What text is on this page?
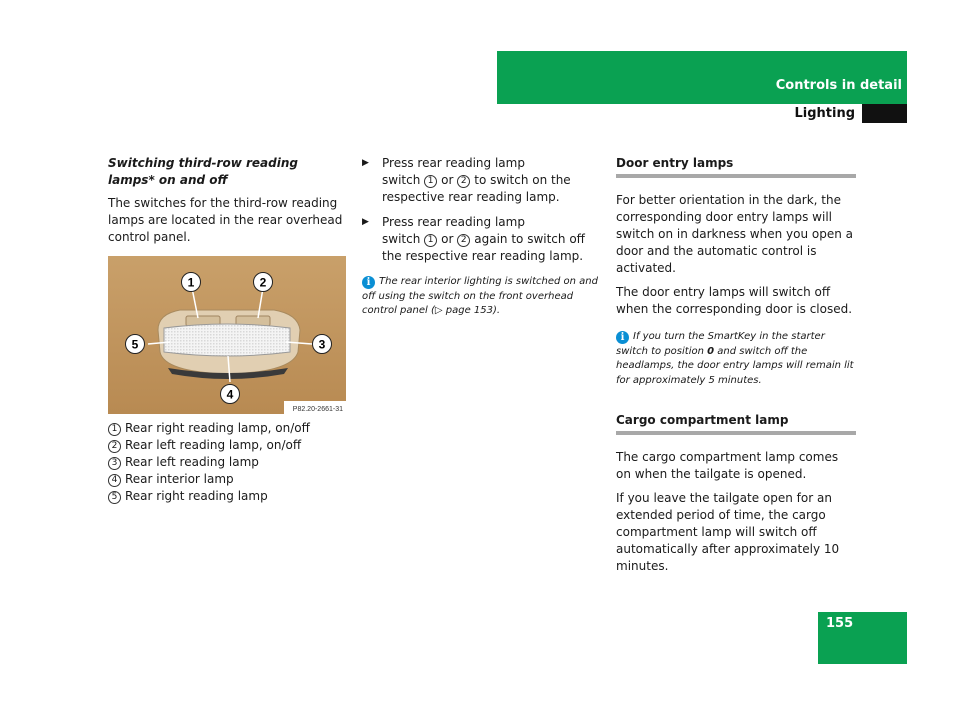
Controls in detail
Lighting

Switching third-row reading lamps* on and off

The switches for the third-row reading lamps are located in the rear overhead control panel.

1	2
3
4
5
P82.20-2661-31
1 Rear right reading lamp, on/off
2 Rear left reading lamp, on/off
3 Rear left reading lamp
4 Rear interior lamp
5 Rear right reading lamp
▶ Press rear reading lamp
switch 1 or 2 to switch on the respective rear reading lamp.
▶ Press rear reading lamp
switch 1 or 2 again to switch off the respective rear reading lamp.
i The rear interior lighting is switched on and off using the switch on the front overhead control panel (▷ page 153).
Door entry lamps

For better orientation in the dark, the corresponding door entry lamps will switch on in darkness when you open a door and the automatic control is activated.

The door entry lamps will switch off when the corresponding door is closed.

i If you turn the SmartKey in the starter switch to position 0 and switch off the headlamps, the door entry lamps will remain lit for approximately 5 minutes.
Cargo compartment lamp

The cargo compartment lamp comes on when the tailgate is opened.

If you leave the tailgate open for an extended period of time, the cargo compartment lamp will switch off automatically after approximately 10 minutes.

155
